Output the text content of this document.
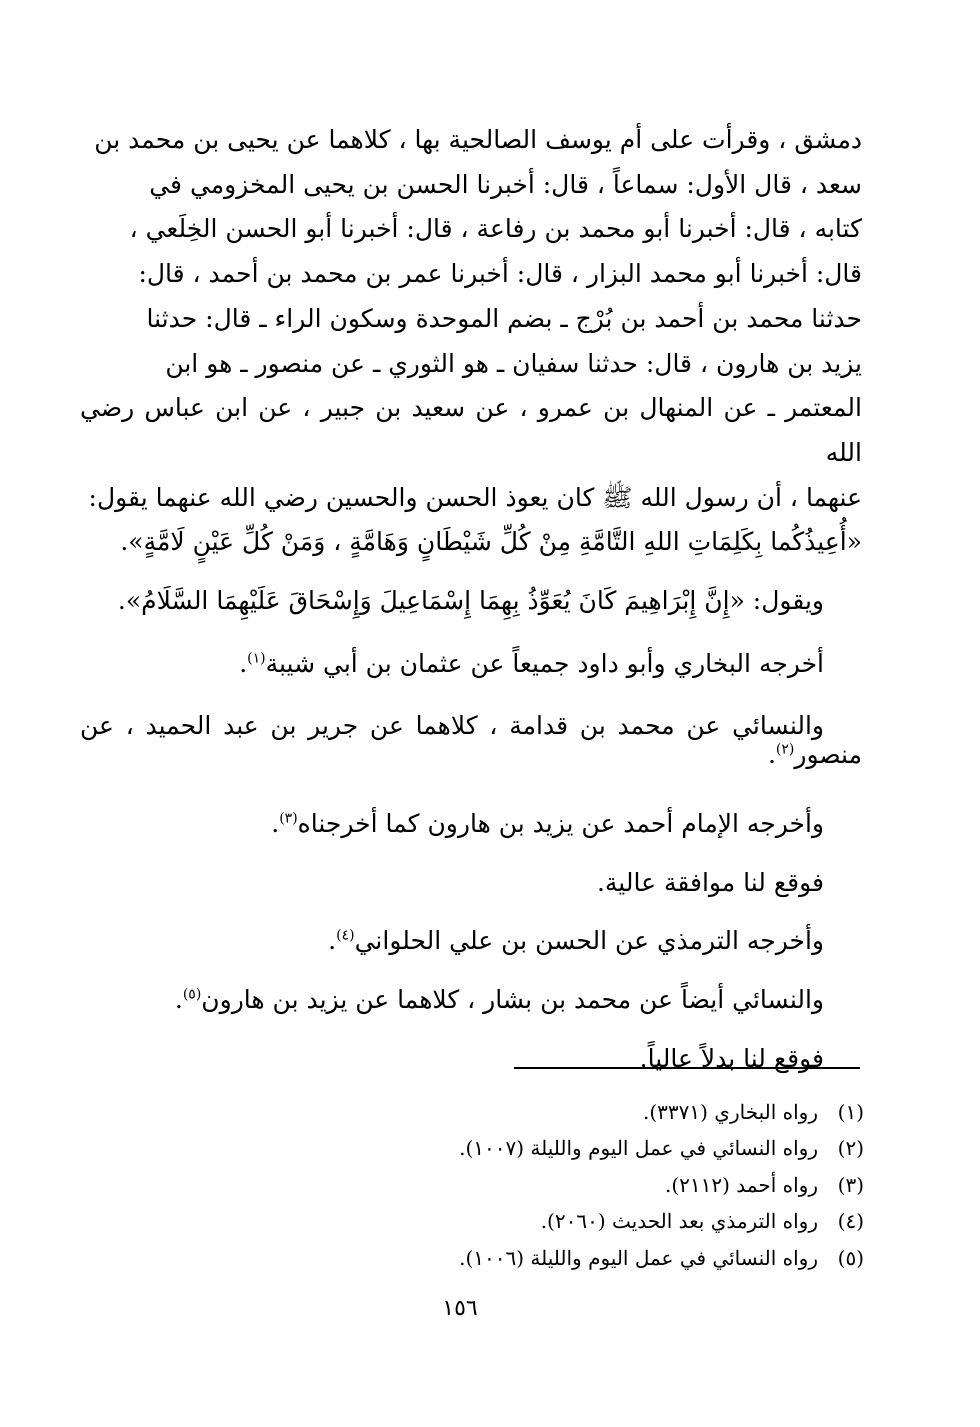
دمشق ، وقرأت على أم يوسف الصالحية بها ، كلاهما عن يحيى بن محمد بن
سعد ، قال الأول: سماعاً ، قال: أخبرنا الحسن بن يحيى المخزومي في
كتابه ، قال: أخبرنا أبو محمد بن رفاعة ، قال: أخبرنا أبو الحسن الخِلَعي ،
قال: أخبرنا أبو محمد البزار ، قال: أخبرنا عمر بن محمد بن أحمد ، قال:
حدثنا محمد بن أحمد بن بُرْج ـ بضم الموحدة وسكون الراء ـ قال: حدثنا
يزيد بن هارون ، قال: حدثنا سفيان ـ هو الثوري ـ عن منصور ـ هو ابن
المعتمر ـ عن المنهال بن عمرو ، عن سعيد بن جبير ، عن ابن عباس رضي الله
عنهما ، أن رسول الله ﷺ كان يعوذ الحسن والحسين رضي الله عنهما يقول:
«أُعِيذُكُما بِكَلِمَاتِ اللهِ التَّامَّةِ مِنْ كُلِّ شَيْطَانٍ وَهَامَّةٍ ، وَمَنْ كُلِّ عَيْنٍ لَامَّةٍ».

ويقول: «إِنَّ إِبْرَاهِيمَ كَانَ يُعَوِّذُ بِهِمَا إِسْمَاعِيلَ وَإِسْحَاقَ عَلَيْهِمَا السَّلَامُ».

أخرجه البخاري وأبو داود جميعاً عن عثمان بن أبي شيبة$^{(١)}$.

والنسائي عن محمد بن قدامة ، كلاهما عن جرير بن عبد الحميد ، عن
منصور$^{(٢)}$.

وأخرجه الإمام أحمد عن يزيد بن هارون كما أخرجناه$^{(٣)}$.

فوقع لنا موافقة عالية.

وأخرجه الترمذي عن الحسن بن علي الحلواني$^{(٤)}$.

والنسائي أيضاً عن محمد بن بشار ، كلاهما عن يزيد بن هارون$^{(٥)}$.

فوقع لنا بدلاً عالياً.

(١)
رواه البخاري (٣٣٧١).
(٢)
رواه النسائي في عمل اليوم والليلة (١٠٠٧).
(٣)
رواه أحمد (٢١١٢).
(٤)
رواه الترمذي بعد الحديث (٢٠٦٠).
(٥)
رواه النسائي في عمل اليوم والليلة (١٠٠٦).
١٥٦
